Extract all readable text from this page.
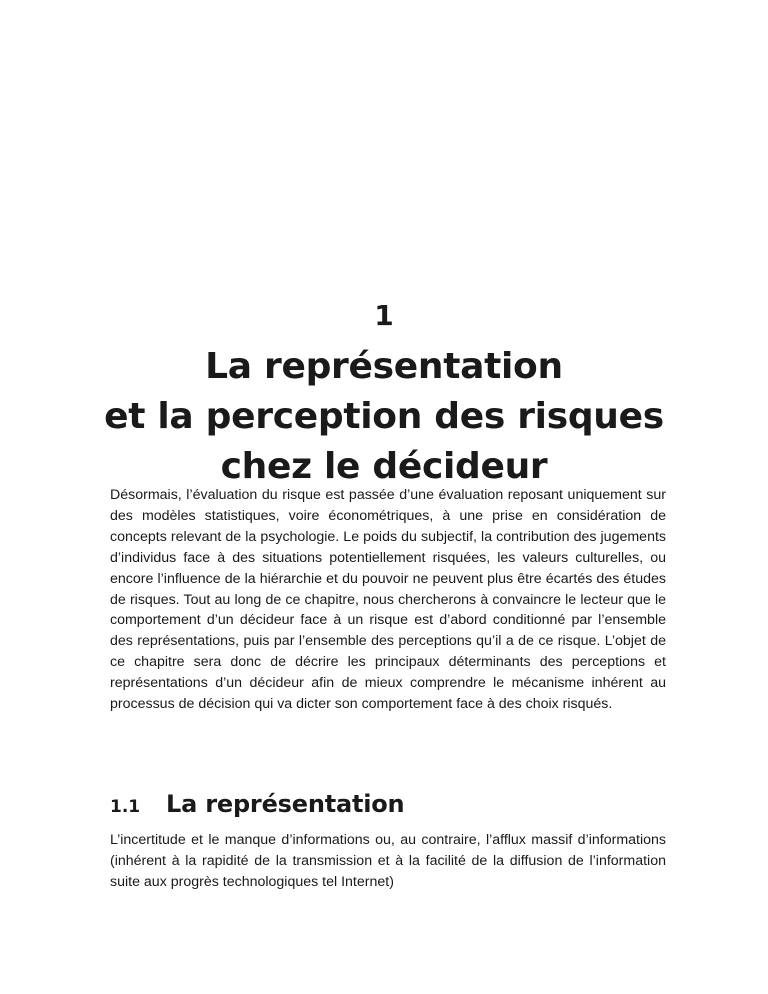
1
La représentation
et la perception des risques
chez le décideur

Désormais, l’évaluation du risque est passée d’une évaluation reposant uniquement sur des modèles statistiques, voire économétriques, à une prise en considération de concepts relevant de la psychologie. Le poids du subjectif, la contribution des jugements d’individus face à des situations potentiellement risquées, les valeurs culturelles, ou encore l’influence de la hiérarchie et du pouvoir ne peuvent plus être écartés des études de risques. Tout au long de ce chapitre, nous chercherons à convaincre le lecteur que le comportement d’un décideur face à un risque est d’abord conditionné par l’ensemble des représentations, puis par l’ensemble des perceptions qu’il a de ce risque. L’objet de ce chapitre sera donc de décrire les principaux déterminants des perceptions et représentations d’un décideur afin de mieux comprendre le mécanisme inhérent au processus de décision qui va dicter son comportement face à des choix risqués.

1.1	La représentation

L’incertitude et le manque d’informations ou, au contraire, l’afflux massif d’informations (inhérent à la rapidité de la transmission et à la facilité de la diffusion de l’information suite aux progrès technologiques tel Internet)
